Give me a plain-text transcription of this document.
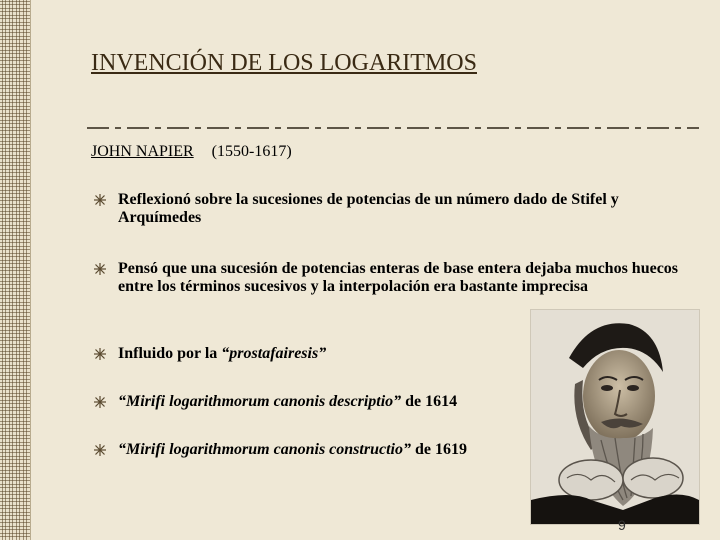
INVENCIÓN DE LOS LOGARITMOS
JOHN NAPIER (1550-1617)
Reflexionó sobre la sucesiones de potencias de un número dado de Stifel y Arquímedes
Pensó que una sucesión de potencias enteras de base entera dejaba muchos huecos entre los términos sucesivos y la interpolación era bastante imprecisa
Influido por la “prostafairesis”
“Mirifi logarithmorum canonis descriptio” de 1614
“Mirifi logarithmorum canonis constructio” de 1619
9
